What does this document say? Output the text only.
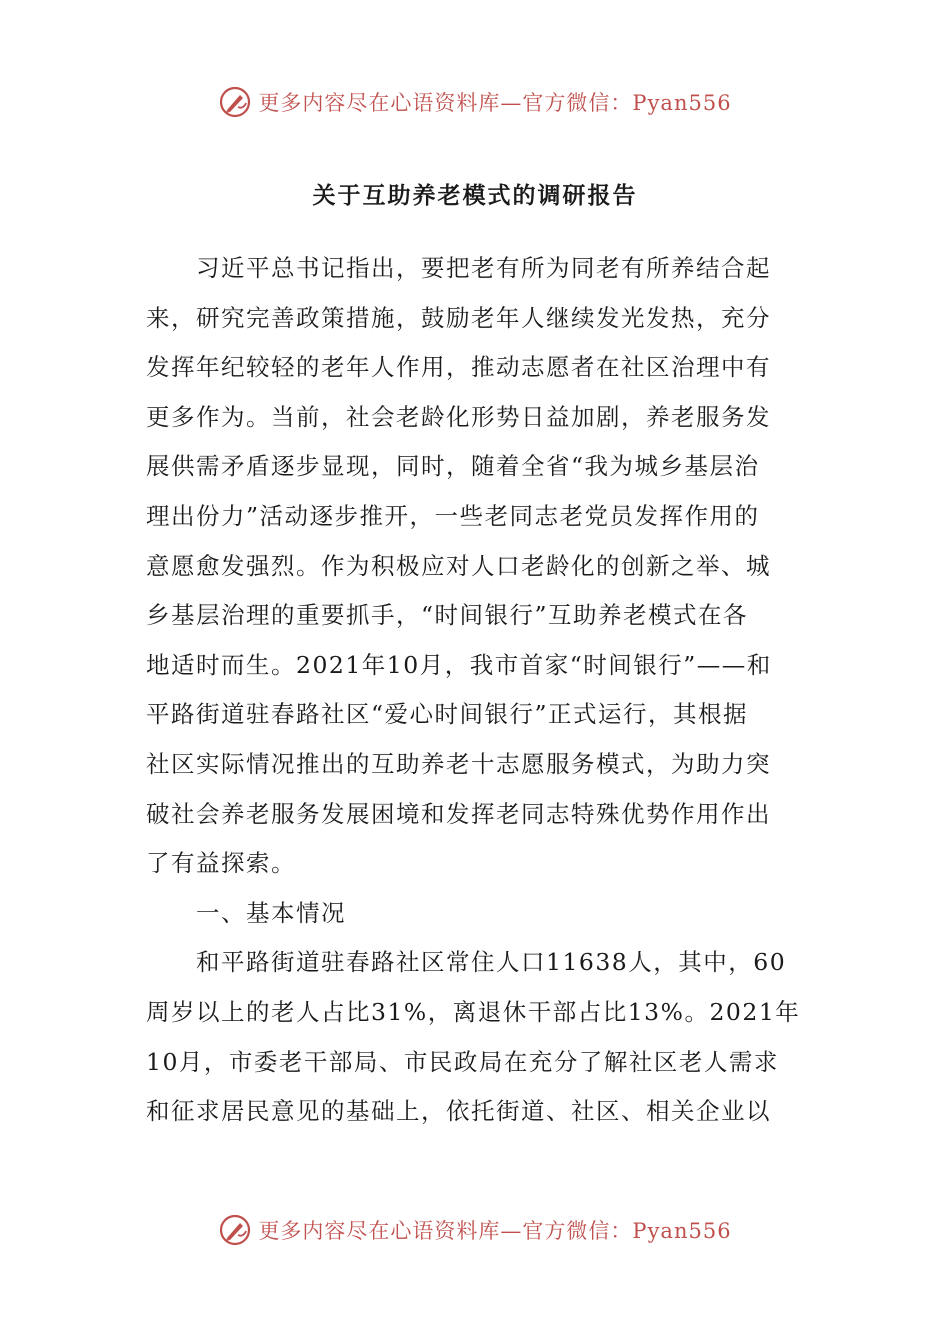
更多内容尽在心语资料库—官方微信：Pyan556
关于互助养老模式的调研报告
习近平总书记指出，要把老有所为同老有所养结合起
来，研究完善政策措施，鼓励老年人继续发光发热，充分
发挥年纪较轻的老年人作用，推动志愿者在社区治理中有
更多作为。当前，社会老龄化形势日益加剧，养老服务发
展供需矛盾逐步显现，同时，随着全省“我为城乡基层治
理出份力”活动逐步推开，一些老同志老党员发挥作用的
意愿愈发强烈。作为积极应对人口老龄化的创新之举、城
乡基层治理的重要抓手，“时间银行”互助养老模式在各
地适时而生。2021年10月，我市首家“时间银行”——和
平路街道驻春路社区“爱心时间银行”正式运行，其根据
社区实际情况推出的互助养老十志愿服务模式，为助力突
破社会养老服务发展困境和发挥老同志特殊优势作用作出
了有益探索。
一、基本情况
和平路街道驻春路社区常住人口11638人，其中，60
周岁以上的老人占比31%，离退休干部占比13%。2021年
10月，市委老干部局、市民政局在充分了解社区老人需求
和征求居民意见的基础上，依托街道、社区、相关企业以
更多内容尽在心语资料库—官方微信：Pyan556
